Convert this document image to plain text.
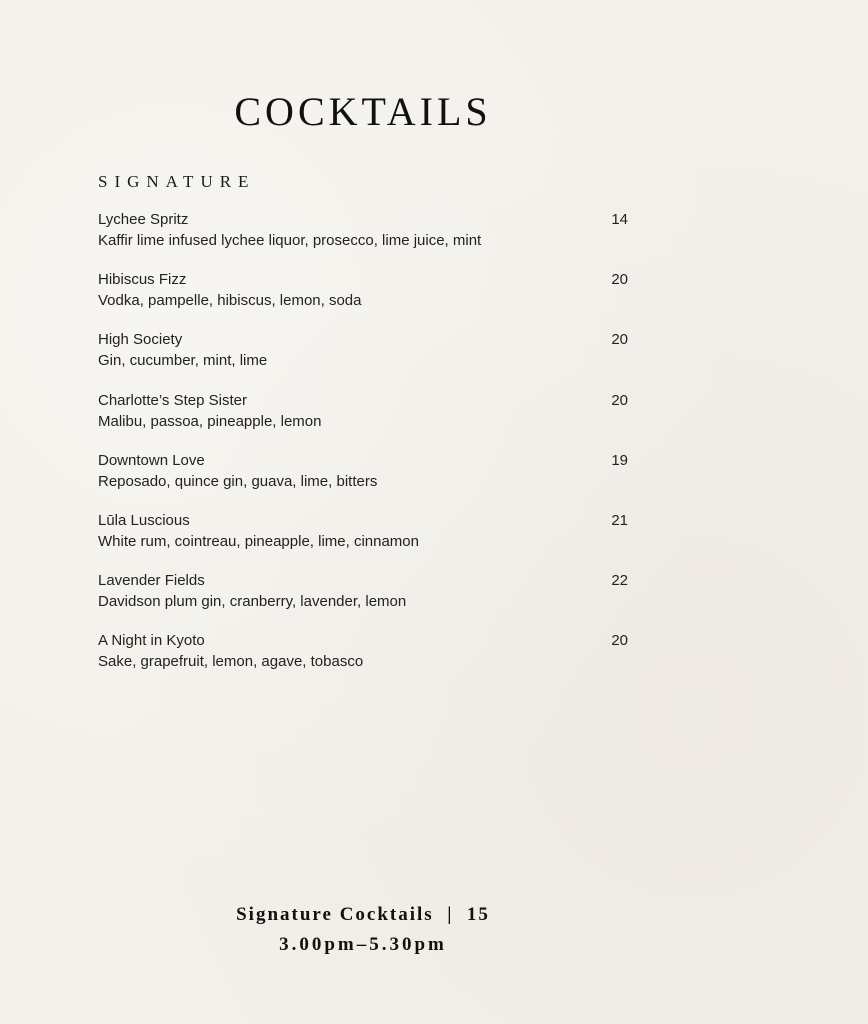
COCKTAILS
SIGNATURE
Lychee Spritz	14
Kaffir lime infused lychee liquor, prosecco, lime juice, mint
Hibiscus Fizz	20
Vodka, pampelle, hibiscus, lemon, soda
High Society	20
Gin, cucumber, mint, lime
Charlotte’s Step Sister	20
Malibu, passoa, pineapple, lemon
Downtown Love	19
Reposado, quince gin, guava, lime, bitters
Lūla Luscious	21
White rum, cointreau, pineapple, lime, cinnamon
Lavender Fields	22
Davidson plum gin, cranberry, lavender, lemon
A Night in Kyoto	20
Sake, grapefruit, lemon, agave, tobasco
Signature Cocktails  |  15
3.00pm–5.30pm
